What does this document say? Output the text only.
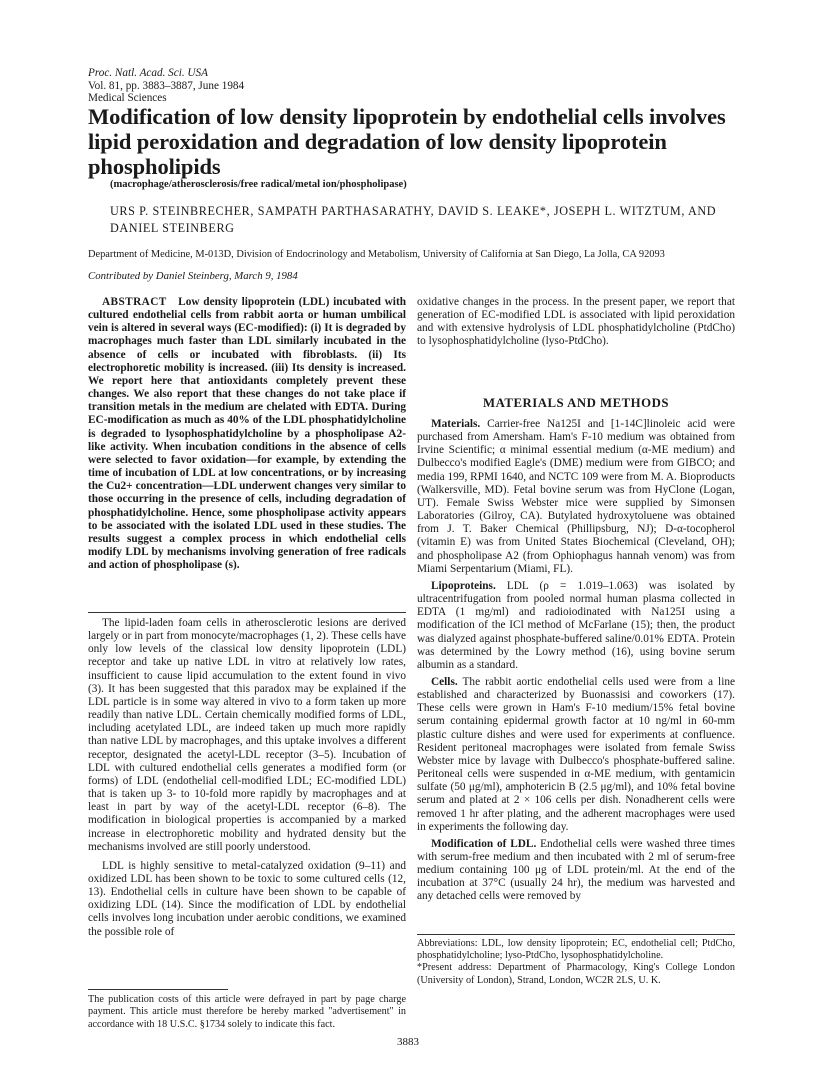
Proc. Natl. Acad. Sci. USA
Vol. 81, pp. 3883–3887, June 1984
Medical Sciences
Modification of low density lipoprotein by endothelial cells involves lipid peroxidation and degradation of low density lipoprotein phospholipids
(macrophage/atherosclerosis/free radical/metal ion/phospholipase)
URS P. STEINBRECHER, SAMPATH PARTHASARATHY, DAVID S. LEAKE*, JOSEPH L. WITZTUM, AND DANIEL STEINBERG
Department of Medicine, M-013D, Division of Endocrinology and Metabolism, University of California at San Diego, La Jolla, CA 92093
Contributed by Daniel Steinberg, March 9, 1984

ABSTRACT Low density lipoprotein (LDL) incubated with cultured endothelial cells from rabbit aorta or human umbilical vein is altered in several ways (EC-modified): (i) It is degraded by macrophages much faster than LDL similarly incubated in the absence of cells or incubated with fibroblasts. (ii) Its electrophoretic mobility is increased. (iii) Its density is increased. We report here that antioxidants completely prevent these changes. We also report that these changes do not take place if transition metals in the medium are chelated with EDTA. During EC-modification as much as 40% of the LDL phosphatidylcholine is degraded to lysophosphatidylcholine by a phospholipase A2-like activity. When incubation conditions in the absence of cells were selected to favor oxidation—for example, by extending the time of incubation of LDL at low concentrations, or by increasing the Cu2+ concentration—LDL underwent changes very similar to those occurring in the presence of cells, including degradation of phosphatidylcholine. Hence, some phospholipase activity appears to be associated with the isolated LDL used in these studies. The results suggest a complex process in which endothelial cells modify LDL by mechanisms involving generation of free radicals and action of phospholipase (s).

The lipid-laden foam cells in atherosclerotic lesions are derived largely or in part from monocyte/macrophages (1, 2). These cells have only low levels of the classical low density lipoprotein (LDL) receptor and take up native LDL in vitro at relatively low rates, insufficient to cause lipid accumulation to the extent found in vivo (3). It has been suggested that this paradox may be explained if the LDL particle is in some way altered in vivo to a form taken up more readily than native LDL. Certain chemically modified forms of LDL, including acetylated LDL, are indeed taken up much more rapidly than native LDL by macrophages, and this uptake involves a different receptor, designated the acetyl-LDL receptor (3–5). Incubation of LDL with cultured endothelial cells generates a modified form (or forms) of LDL (endothelial cell-modified LDL; EC-modified LDL) that is taken up 3- to 10-fold more rapidly by macrophages and at least in part by way of the acetyl-LDL receptor (6–8). The modification in biological properties is accompanied by a marked increase in electrophoretic mobility and hydrated density but the mechanisms involved are still poorly understood.

LDL is highly sensitive to metal-catalyzed oxidation (9–11) and oxidized LDL has been shown to be toxic to some cultured cells (12, 13). Endothelial cells in culture have been shown to be capable of oxidizing LDL (14). Since the modification of LDL by endothelial cells involves long incubation under aerobic conditions, we examined the possible role of

The publication costs of this article were defrayed in part by page charge payment. This article must therefore be hereby marked "advertisement" in accordance with 18 U.S.C. §1734 solely to indicate this fact.

oxidative changes in the process. In the present paper, we report that generation of EC-modified LDL is associated with lipid peroxidation and with extensive hydrolysis of LDL phosphatidylcholine (PtdCho) to lysophosphatidylcholine (lyso-PtdCho).

MATERIALS AND METHODS

Materials. Carrier-free Na125I and [1-14C]linoleic acid were purchased from Amersham. Ham's F-10 medium was obtained from Irvine Scientific; α minimal essential medium (α-ME medium) and Dulbecco's modified Eagle's (DME) medium were from GIBCO; and media 199, RPMI 1640, and NCTC 109 were from M. A. Bioproducts (Walkersville, MD). Fetal bovine serum was from HyClone (Logan, UT). Female Swiss Webster mice were supplied by Simonsen Laboratories (Gilroy, CA). Butylated hydroxytoluene was obtained from J. T. Baker Chemical (Phillipsburg, NJ); D-α-tocopherol (vitamin E) was from United States Biochemical (Cleveland, OH); and phospholipase A2 (from Ophiophagus hannah venom) was from Miami Serpentarium (Miami, FL).

Lipoproteins. LDL (ρ = 1.019–1.063) was isolated by ultracentrifugation from pooled normal human plasma collected in EDTA (1 mg/ml) and radioiodinated with Na125I using a modification of the ICl method of McFarlane (15); then, the product was dialyzed against phosphate-buffered saline/0.01% EDTA. Protein was determined by the Lowry method (16), using bovine serum albumin as a standard.

Cells. The rabbit aortic endothelial cells used were from a line established and characterized by Buonassisi and coworkers (17). These cells were grown in Ham's F-10 medium/15% fetal bovine serum containing epidermal growth factor at 10 ng/ml in 60-mm plastic culture dishes and were used for experiments at confluence. Resident peritoneal macrophages were isolated from female Swiss Webster mice by lavage with Dulbecco's phosphate-buffered saline. Peritoneal cells were suspended in α-ME medium, with gentamicin sulfate (50 μg/ml), amphotericin B (2.5 μg/ml), and 10% fetal bovine serum and plated at 2 × 106 cells per dish. Nonadherent cells were removed 1 hr after plating, and the adherent macrophages were used in experiments the following day.

Modification of LDL. Endothelial cells were washed three times with serum-free medium and then incubated with 2 ml of serum-free medium containing 100 μg of LDL protein/ml. At the end of the incubation at 37°C (usually 24 hr), the medium was harvested and any detached cells were removed by

Abbreviations: LDL, low density lipoprotein; EC, endothelial cell; PtdCho, phosphatidylcholine; lyso-PtdCho, lysophosphatidylcholine.

*Present address: Department of Pharmacology, King's College London (University of London), Strand, London, WC2R 2LS, U. K.

3883
